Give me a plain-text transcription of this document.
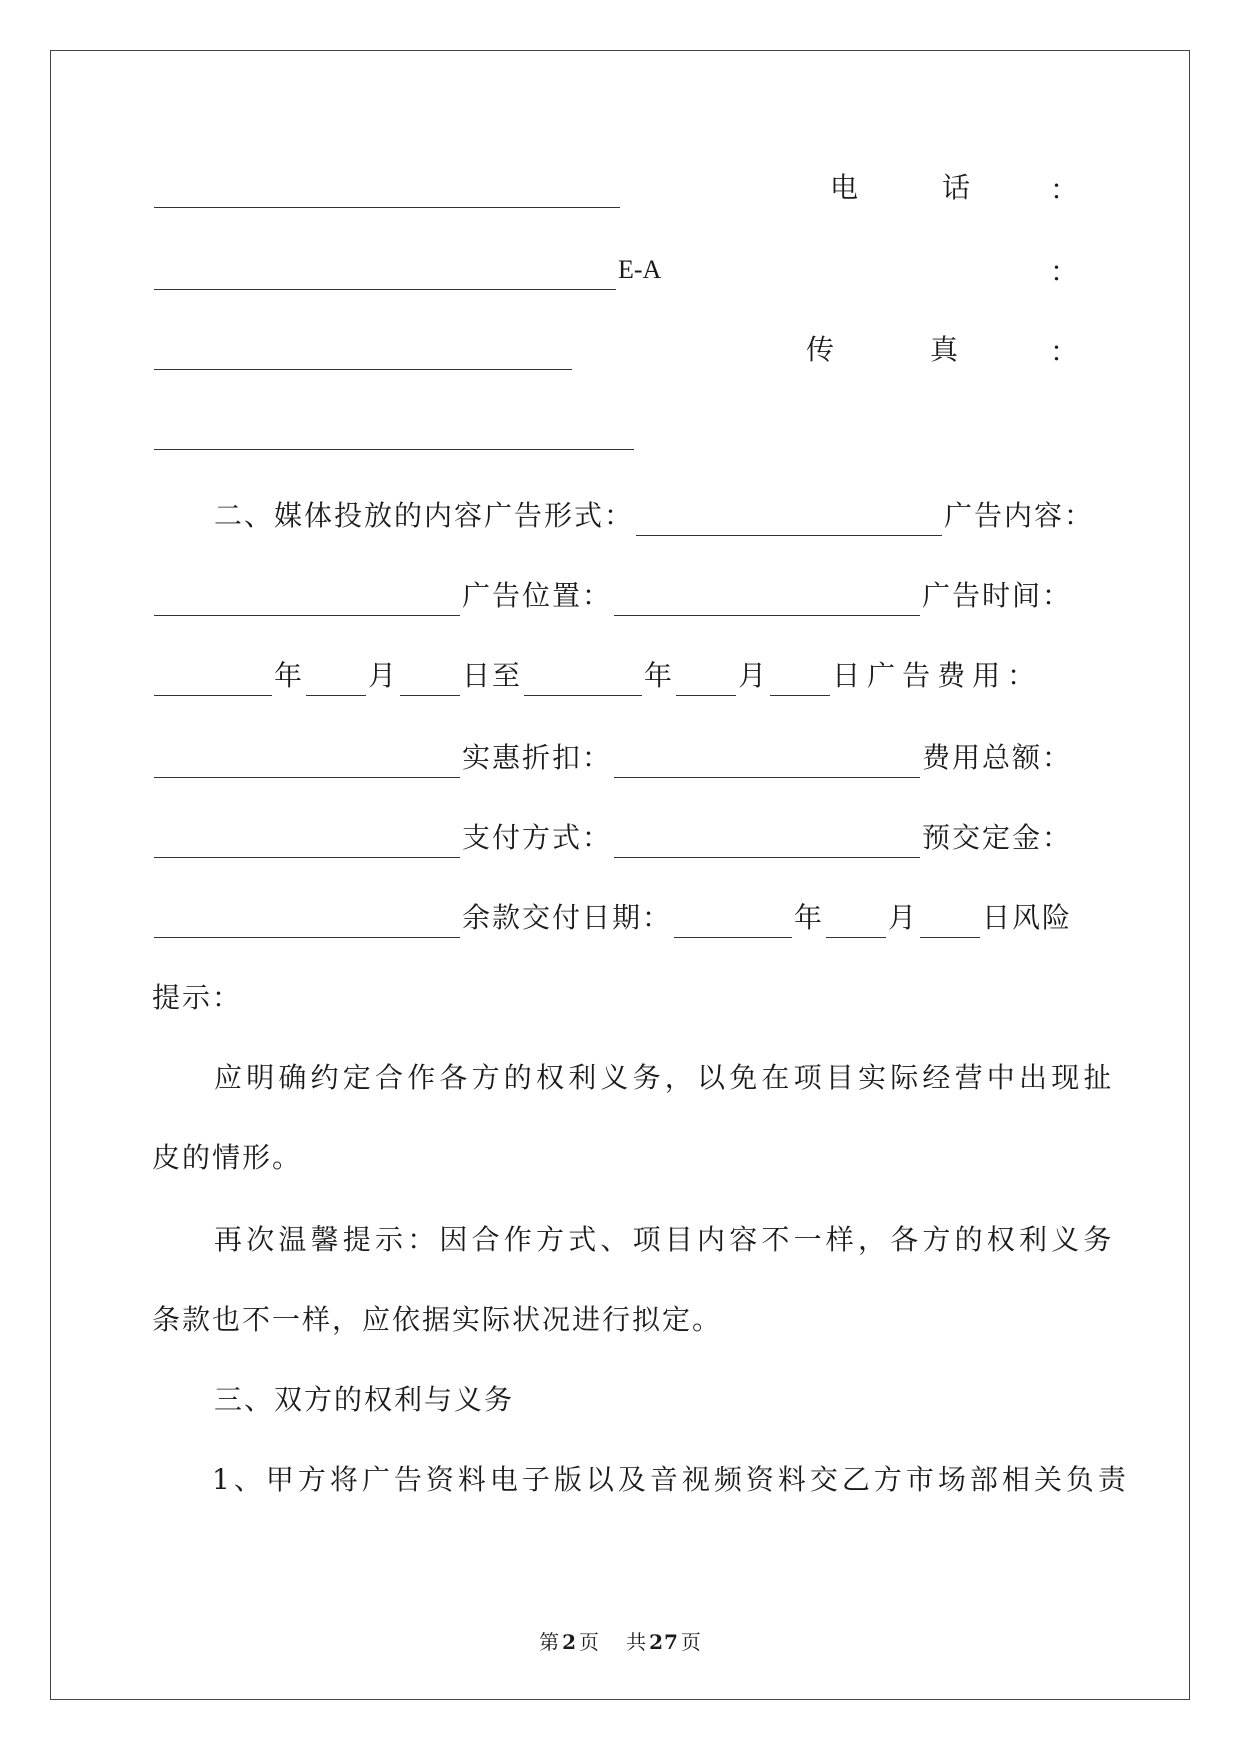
电	话	：
E-A	：
传	真	：
二、媒体投放的内容广告形式：	广告内容：
广告位置：	广告时间：
年 月 日至	年 月 日广告费用：
实惠折扣：	费用总额：
支付方式：	预交定金：
余款交付日期：	年 月 日风险
提示：
应明确约定合作各方的权利义务，以免在项目实际经营中出现扯
皮的情形。
再次温馨提示：因合作方式、项目内容不一样，各方的权利义务
条款也不一样，应依据实际状况进行拟定。
三、双方的权利与义务
1、甲方将广告资料电子版以及音视频资料交乙方市场部相关负责
第 2 页 共 27 页
